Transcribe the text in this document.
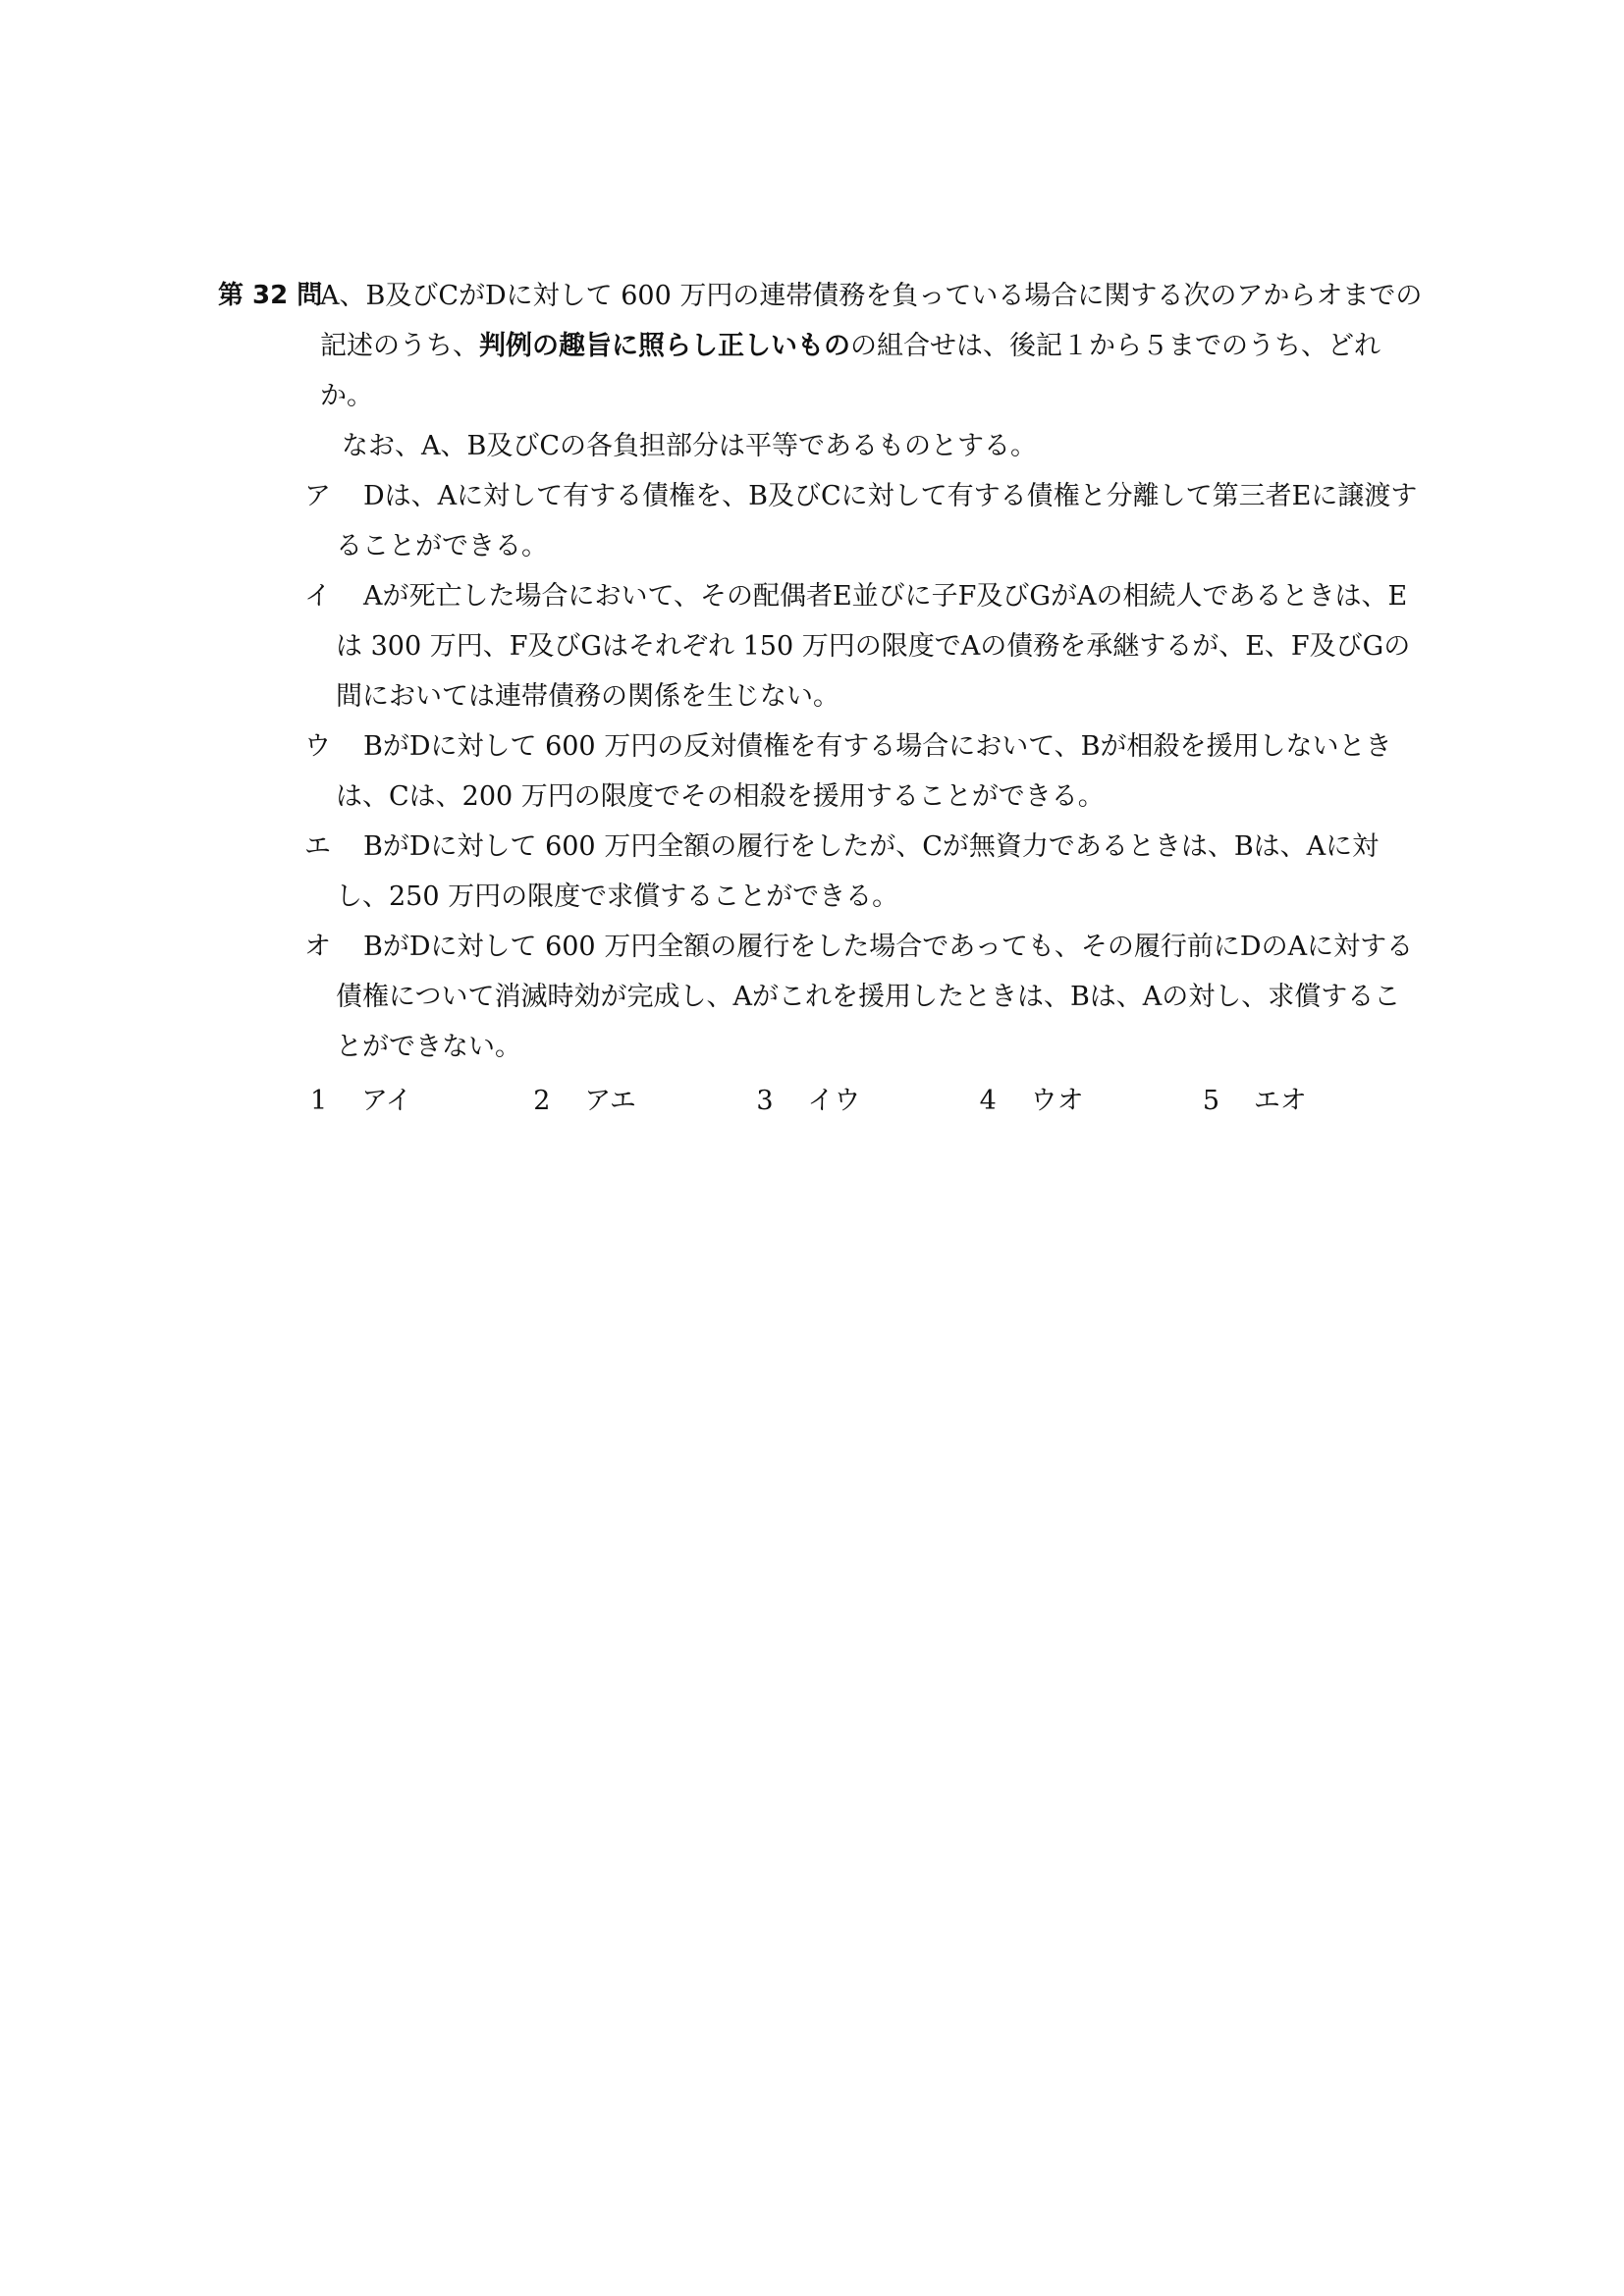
第 32 問
A、B及びCがDに対して 600 万円の連帯債務を負っている場合に関する次のアからオまでの記述のうち、判例の趣旨に照らし正しいものの組合せは、後記１から５までのうち、どれか。

なお、A、B及びCの各負担部分は平等であるものとする。

ア	Dは、Aに対して有する債権を、B及びCに対して有する債権と分離して第三者Eに譲渡することができる。

イ	Aが死亡した場合において、その配偶者E並びに子F及びGがAの相続人であるときは、Eは 300 万円、F及びGはそれぞれ 150 万円の限度でAの債務を承継するが、E、F及びGの間においては連帯債務の関係を生じない。

ウ	BがDに対して 600 万円の反対債権を有する場合において、Bが相殺を援用しないときは、Cは、200 万円の限度でその相殺を援用することができる。

エ	BがDに対して 600 万円全額の履行をしたが、Cが無資力であるときは、Bは、Aに対し、250 万円の限度で求償することができる。

オ	BがDに対して 600 万円全額の履行をした場合であっても、その履行前にDのAに対する債権について消滅時効が完成し、Aがこれを援用したときは、Bは、Aの対し、求償することができない。

1	アイ	2	アエ	3	イウ	4	ウオ	5	エオ
